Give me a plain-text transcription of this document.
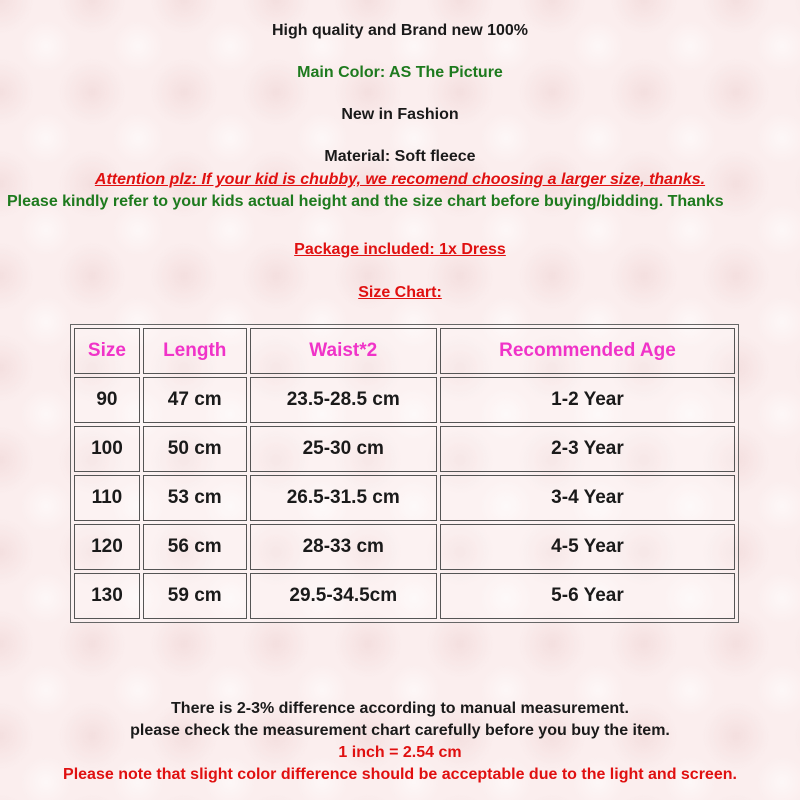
High quality and Brand new 100%
Main Color: AS The Picture
New in Fashion
Material: Soft fleece
Attention plz: If your kid is chubby, we recomend choosing a larger size, thanks.
Please kindly refer to your kids actual height and the size chart before buying/bidding. Thanks
Package included: 1x Dress
Size Chart:
Size	Length	Waist*2	Recommended Age
90	47 cm	23.5-28.5 cm	1-2 Year
100	50 cm	25-30 cm	2-3 Year
110	53 cm	26.5-31.5 cm	3-4 Year
120	56 cm	28-33 cm	4-5 Year
130	59 cm	29.5-34.5cm	5-6 Year
There is 2-3% difference according to manual measurement.
please check the measurement chart carefully before you buy the item.
1 inch = 2.54 cm
Please note that slight color difference should be acceptable due to the light and screen.
